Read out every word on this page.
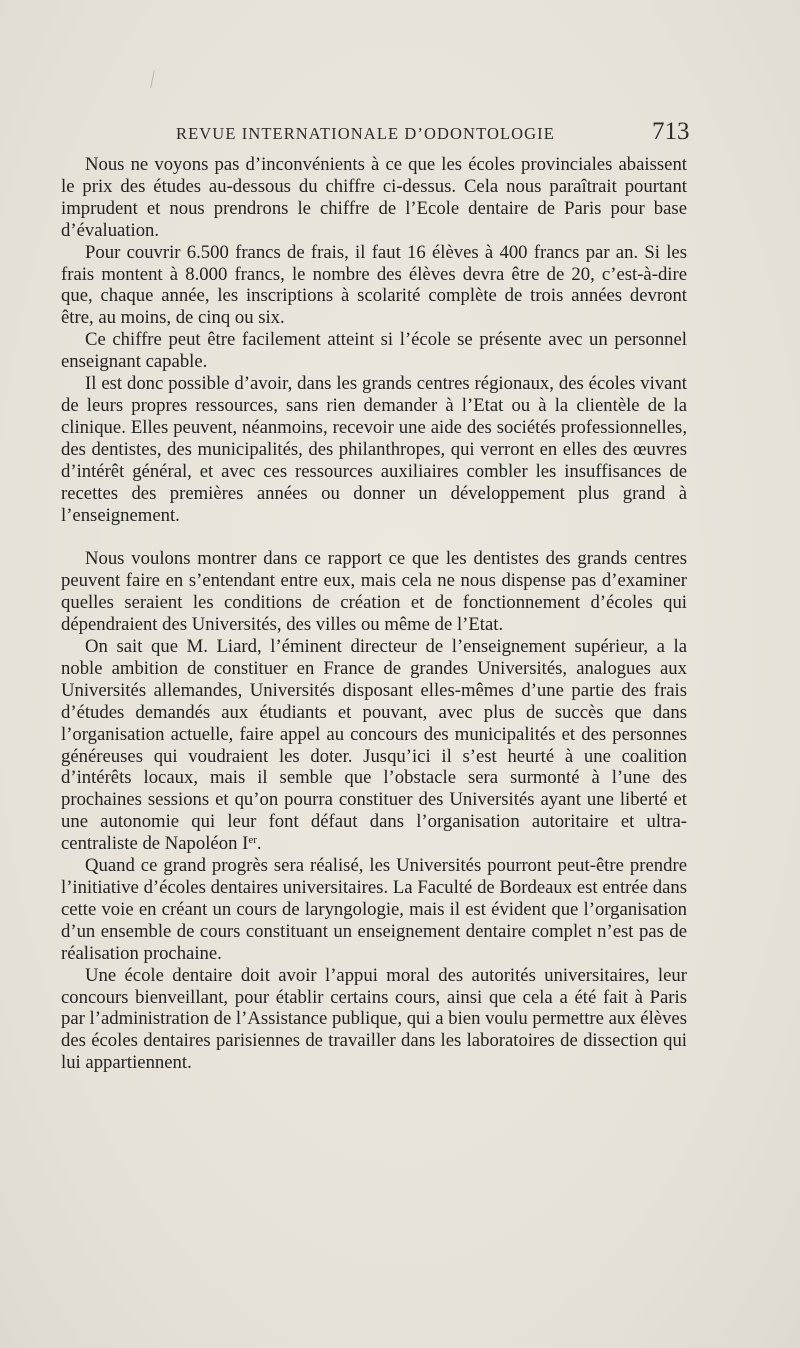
REVUE INTERNATIONALE D’ODONTOLOGIE	713

Nous ne voyons pas d’inconvénients à ce que les écoles provinciales abaissent le prix des études au-dessous du chiffre ci-dessus. Cela nous paraîtrait pourtant imprudent et nous prendrons le chiffre de l’Ecole dentaire de Paris pour base d’évaluation.

Pour couvrir 6.500 francs de frais, il faut 16 élèves à 400 francs par an. Si les frais montent à 8.000 francs, le nombre des élèves devra être de 20, c’est-à-dire que, chaque année, les inscriptions à scolarité complète de trois années devront être, au moins, de cinq ou six.

Ce chiffre peut être facilement atteint si l’école se présente avec un personnel enseignant capable.

Il est donc possible d’avoir, dans les grands centres régionaux, des écoles vivant de leurs propres ressources, sans rien demander à l’Etat ou à la clientèle de la clinique. Elles peuvent, néanmoins, recevoir une aide des sociétés professionnelles, des dentistes, des municipalités, des philanthropes, qui verront en elles des œuvres d’intérêt général, et avec ces ressources auxiliaires combler les insuffisances de recettes des premières années ou donner un développement plus grand à l’enseignement.

Nous voulons montrer dans ce rapport ce que les dentistes des grands centres peuvent faire en s’entendant entre eux, mais cela ne nous dispense pas d’examiner quelles seraient les conditions de création et de fonctionnement d’écoles qui dépendraient des Universités, des villes ou même de l’Etat.

On sait que M. Liard, l’éminent directeur de l’enseignement supérieur, a la noble ambition de constituer en France de grandes Universités, analogues aux Universités allemandes, Universités disposant elles-mêmes d’une partie des frais d’études demandés aux étudiants et pouvant, avec plus de succès que dans l’organisation actuelle, faire appel au concours des municipalités et des personnes généreuses qui voudraient les doter. Jusqu’ici il s’est heurté à une coalition d’intérêts locaux, mais il semble que l’obstacle sera surmonté à l’une des prochaines sessions et qu’on pourra constituer des Universités ayant une liberté et une autonomie qui leur font défaut dans l’organisation autoritaire et ultra-centraliste de Napoléon Ier.

Quand ce grand progrès sera réalisé, les Universités pourront peut-être prendre l’initiative d’écoles dentaires universitaires. La Faculté de Bordeaux est entrée dans cette voie en créant un cours de laryngologie, mais il est évident que l’organisation d’un ensemble de cours constituant un enseignement dentaire complet n’est pas de réalisation prochaine.

Une école dentaire doit avoir l’appui moral des autorités universitaires, leur concours bienveillant, pour établir certains cours, ainsi que cela a été fait à Paris par l’administration de l’Assistance publique, qui a bien voulu permettre aux élèves des écoles dentaires parisiennes de travailler dans les laboratoires de dissection qui lui appartiennent.
